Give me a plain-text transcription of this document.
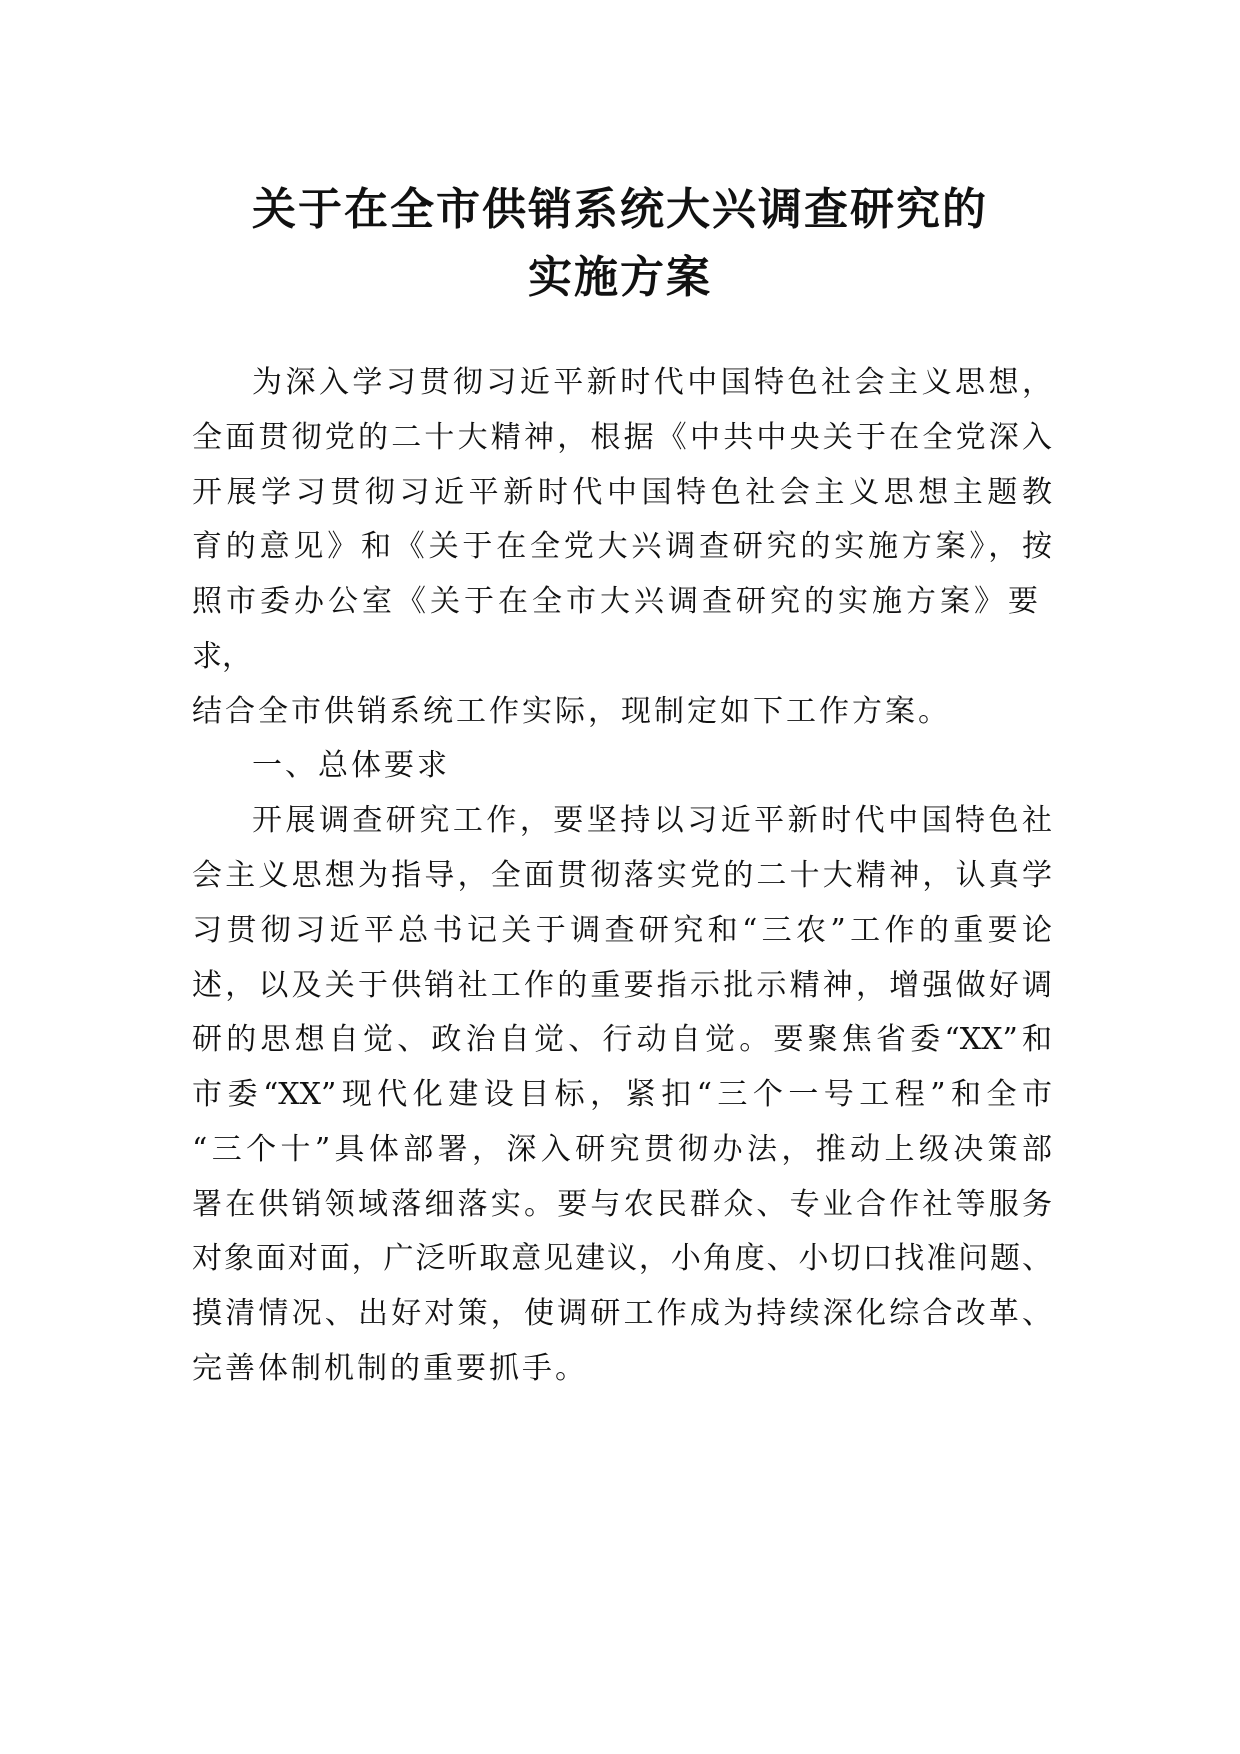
关于在全市供销系统大兴调查研究的
实施方案
为深入学习贯彻习近平新时代中国特色社会主义思想，
全面贯彻党的二十大精神，根据《中共中央关于在全党深入
开展学习贯彻习近平新时代中国特色社会主义思想主题教
育的意见》和《关于在全党大兴调查研究的实施方案》，按
照市委办公室《关于在全市大兴调查研究的实施方案》要
求，
结合全市供销系统工作实际，现制定如下工作方案。
一、总体要求
开展调查研究工作，要坚持以习近平新时代中国特色社
会主义思想为指导，全面贯彻落实党的二十大精神，认真学
习贯彻习近平总书记关于调查研究和“三农”工作的重要论
述，以及关于供销社工作的重要指示批示精神，增强做好调
研的思想自觉、政治自觉、行动自觉。要聚焦省委“XX”和
市委“XX”现代化建设目标，紧扣“三个一号工程”和全市
“三个十”具体部署，深入研究贯彻办法，推动上级决策部
署在供销领域落细落实。要与农民群众、专业合作社等服务
对象面对面，广泛听取意见建议，小角度、小切口找准问题、
摸清情况、出好对策，使调研工作成为持续深化综合改革、
完善体制机制的重要抓手。
